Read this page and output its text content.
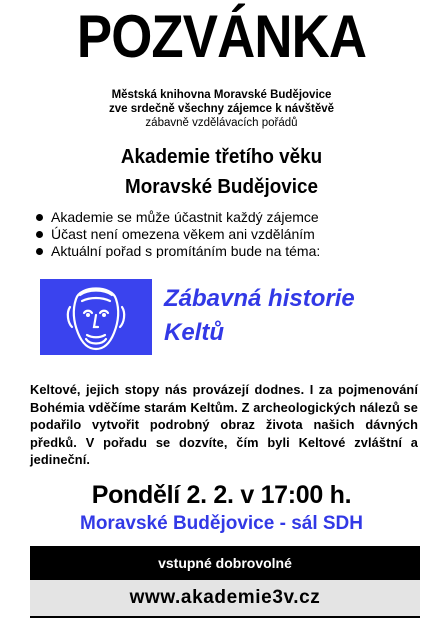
POZVÁNKA
Městská knihovna Moravské Budějovice
zve srdečně všechny zájemce k návštěvě
zábavně vzdělávacích pořádů
Akademie třetího věku
Moravské Budějovice
Akademie se může účastnit každý zájemce
Účast není omezena věkem ani vzděláním
Aktuální pořad s promítáním bude na téma:
Zábavná historie
Keltů
Keltové, jejich stopy nás provázejí dodnes. I za pojmenování Bohémia vděčíme starám Keltům. Z archeologických nálezů se podařilo vytvořit podrobný obraz života našich dávných předků. V pořadu se dozvíte, čím byli Keltové zvláštní a jedineční.
Pondělí 2. 2. v 17:00 h.
Moravské Budějovice - sál SDH
vstupné dobrovolné
www.akademie3v.cz
